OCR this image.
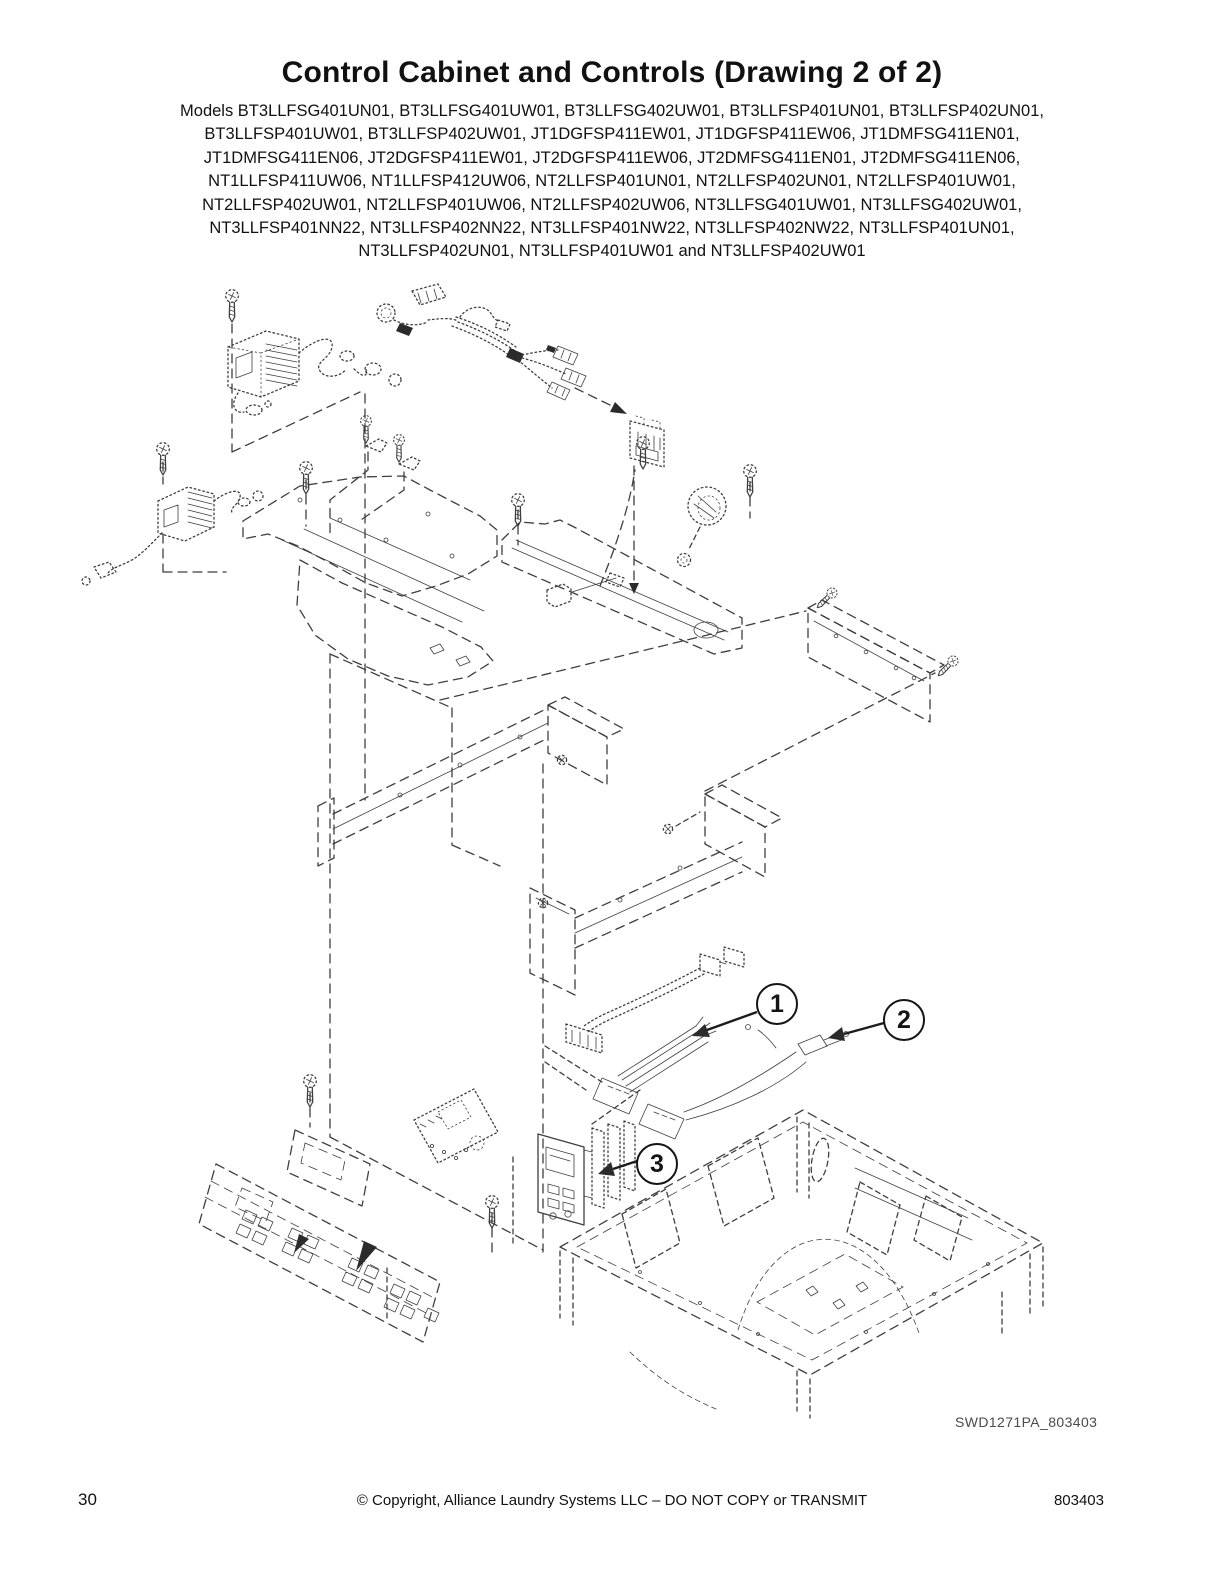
Control Cabinet and Controls (Drawing 2 of 2)
Models BT3LLFSG401UN01, BT3LLFSG401UW01, BT3LLFSG402UW01, BT3LLFSP401UN01, BT3LLFSP402UN01,
BT3LLFSP401UW01, BT3LLFSP402UW01, JT1DGFSP411EW01, JT1DGFSP411EW06, JT1DMFSG411EN01,
JT1DMFSG411EN06, JT2DGFSP411EW01, JT2DGFSP411EW06, JT2DMFSG411EN01, JT2DMFSG411EN06,
NT1LLFSP411UW06, NT1LLFSP412UW06, NT2LLFSP401UN01, NT2LLFSP402UN01, NT2LLFSP401UW01,
NT2LLFSP402UW01, NT2LLFSP401UW06, NT2LLFSP402UW06, NT3LLFSG401UW01, NT3LLFSG402UW01,
NT3LLFSP401NN22, NT3LLFSP402NN22, NT3LLFSP401NW22, NT3LLFSP402NW22, NT3LLFSP401UN01,
NT3LLFSP402UN01, NT3LLFSP401UW01 and NT3LLFSP402UW01
1
2
3
SWD1271PA_803403
30	© Copyright, Alliance Laundry Systems LLC – DO NOT COPY or TRANSMIT	803403
